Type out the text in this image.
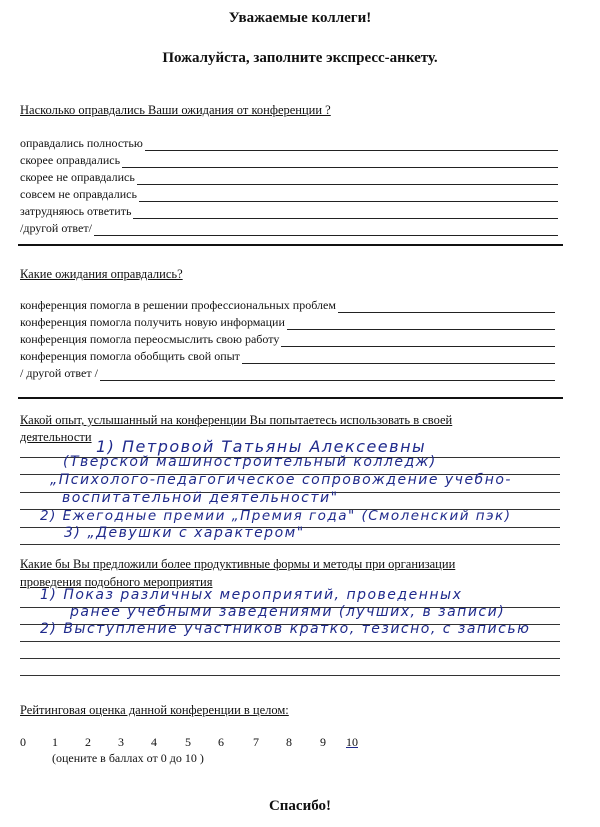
Уважаемые коллеги!
Пожалуйста, заполните экспресс-анкету.
Насколько оправдались Ваши ожидания от конференции ?
оправдались полностью
скорее оправдались
скорее не оправдались
совсем не оправдались
затрудняюсь ответить
/другой ответ/
Какие ожидания оправдались?
конференция помогла в решении профессиональных проблем
конференция помогла получить новую информации
конференция помогла переосмыслить свою работу
конференция помогла обобщить свой опыт
/ другой ответ /
Какой опыт, услышанный на конференции Вы попытаетесь использовать в своей
деятельности 1) Петровой Татьяны Алексеевны
(Тверской машиностроительный колледж)
„Психолого-педагогическое сопровождение учебно-
воспитательной деятельности"
2) Ежегодные премии „Премия года" (Смоленский пэк)
3) „Девушки с характером"
Какие бы Вы предложили более продуктивные формы и методы при организации
проведения подобного мероприятия
1) Показ различных мероприятий, проведенных
ранее учебными заведениями (лучших, в записи)
2) Выступление участников кратко, тезисно, с записью
Рейтинговая оценка данной конференции в целом:
0 1 2 3 4 5 6 7 8 9 10
(оцените в баллах от 0 до 10 )
Спасибо!
